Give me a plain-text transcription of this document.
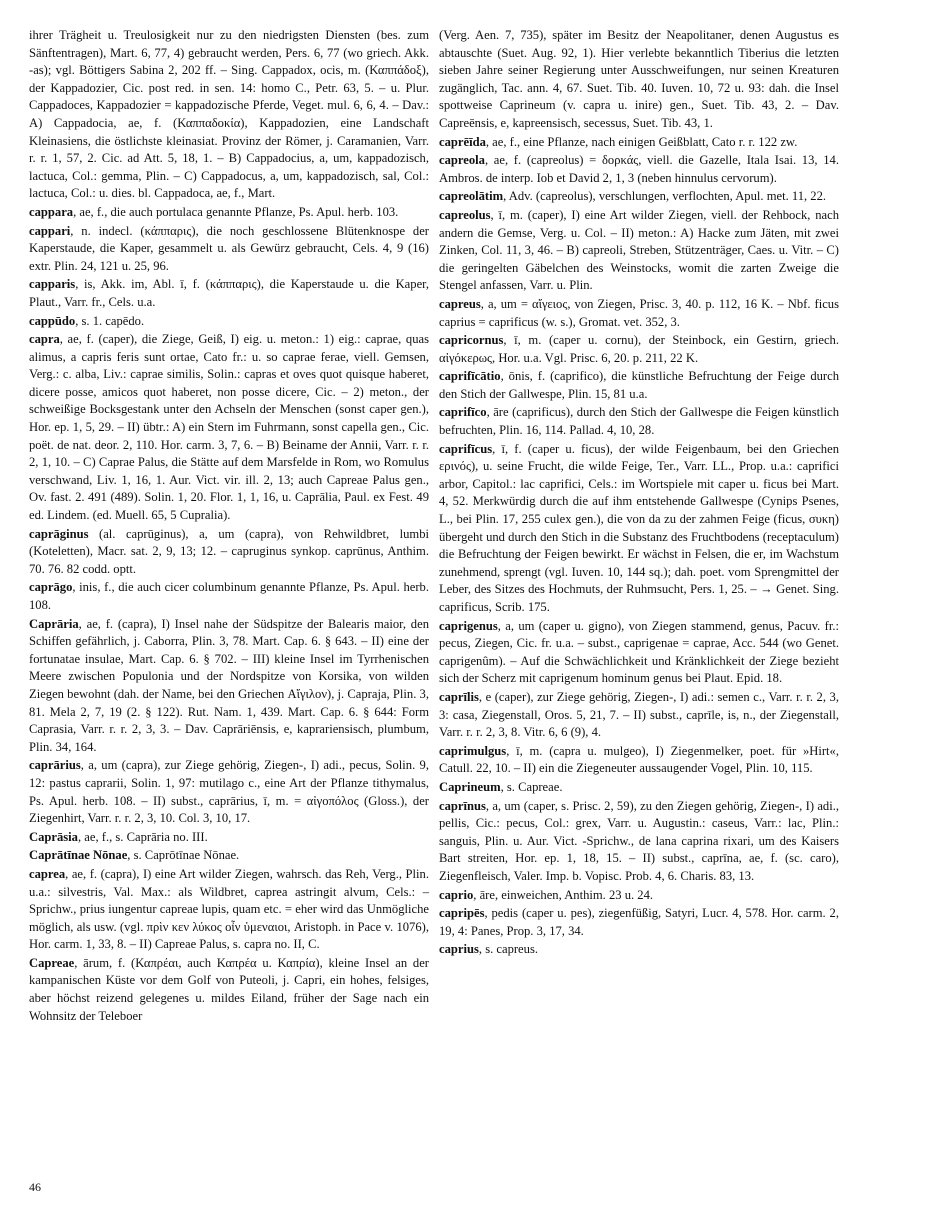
ihrer Trägheit u. Treulosigkeit nur zu den niedrigsten Diensten (bes. zum Sänftentragen), Mart. 6, 77, 4) gebraucht werden, Pers. 6, 77 (wo griech. Akk. -as); vgl. Böttigers Sabina 2, 202 ff. – Sing. Cappadox, ocis, m. (Καππάδοξ), der Kappadozier, Cic. post red. in sen. 14: homo C., Petr. 63, 5. – u. Plur. Cappadoces, Kappadozier = kappadozische Pferde, Veget. mul. 6, 6, 4. – Dav.: A) Cappadocia, ae, f. (Καππαδοκία), Kappadozien, eine Landschaft Kleinasiens, die östlichste kleinasiat. Provinz der Römer, j. Caramanien, Varr. r. r. 1, 57, 2. Cic. ad Att. 5, 18, 1. – B) Cappadocius, a, um, kappadozisch, lactuca, Col.: gemma, Plin. – C) Cappadocus, a, um, kappadozisch, sal, Col.: lactuca, Col.: u. dies. bl. Cappadoca, ae, f., Mart.
cappara, ae, f., die auch portulaca genannte Pflanze, Ps. Apul. herb. 103.
cappari, n. indecl. (κάππαρις), die noch geschlossene Blütenknospe der Kaperstaude, die Kaper, gesammelt u. als Gewürz gebraucht, Cels. 4, 9 (16) extr. Plin. 24, 121 u. 25, 96.
capparis, is, Akk. im, Abl. ī, f. (κάππαρις), die Kaperstaude u. die Kaper, Plaut., Varr. fr., Cels. u.a.
cappūdo, s. 1. capēdo.
capra, ae, f. (caper), die Ziege, Geiß, I) eig. u. meton.: 1) eig.: caprae, quas alimus, a capris feris sunt ortae, Cato fr.: u. so caprae ferae, viell. Gemsen, Verg.: c. alba, Liv.: caprae similis, Solin.: capras et oves quot quisque haberet, dicere posse, amicos quot haberet, non posse dicere, Cic. – 2) meton., der schweißige Bocksgestank unter den Achseln der Menschen (sonst caper gen.), Hor. ep. 1, 5, 29. – II) übtr.: A) ein Stern im Fuhrmann, sonst capella gen., Cic. poët. de nat. deor. 2, 110. Hor. carm. 3, 7, 6. – B) Beiname der Annii, Varr. r. r. 2, 1, 10. – C) Caprae Palus, die Stätte auf dem Marsfelde in Rom, wo Romulus verschwand, Liv. 1, 16, 1. Aur. Vict. vir. ill. 2, 13; auch Capreae Palus gen., Ov. fast. 2. 491 (489). Solin. 1, 20. Flor. 1, 1, 16, u. Caprālia, Paul. ex Fest. 49 ed. Lindem. (ed. Muell. 65, 5 Cupralia).
caprāginus (al. caprūginus), a, um (capra), von Rehwildbret, lumbi (Koteletten), Macr. sat. 2, 9, 13; 12. – capruginus synkop. caprūnus, Anthim. 70. 76. 82 codd. optt.
caprāgo, inis, f., die auch cicer columbinum genannte Pflanze, Ps. Apul. herb. 108.
Caprāria, ae, f. (capra), I) Insel nahe der Südspitze der Balearis maior, den Schiffen gefährlich, j. Caborra, Plin. 3, 78. Mart. Cap. 6. § 643. – II) eine der fortunatae insulae, Mart. Cap. 6. § 702. – III) kleine Insel im Tyrrhenischen Meere zwischen Populonia und der Nordspitze von Korsika, von wilden Ziegen bewohnt (dah. der Name, bei den Griechen Αἴγιλον), j. Capraja, Plin. 3, 81. Mela 2, 7, 19 (2. § 122). Rut. Nam. 1, 439. Mart. Cap. 6. § 644: Form Caprasia, Varr. r. r. 2, 3, 3. – Dav. Caprāriēnsis, e, kaprariensisch, plumbum, Plin. 34, 164.
caprārius, a, um (capra), zur Ziege gehörig, Ziegen-, I) adi., pecus, Solin. 9, 12: pastus caprarii, Solin. 1, 97: mutilago c., eine Art der Pflanze tithymalus, Ps. Apul. herb. 108. – II) subst., caprārius, ī, m. = αἰγοπόλος (Gloss.), der Ziegenhirt, Varr. r. r. 2, 3, 10. Col. 3, 10, 17.
Caprāsia, ae, f., s. Caprāria no. III.
Caprātīnae Nōnae, s. Caprōtīnae Nōnae.
caprea, ae, f. (capra), I) eine Art wilder Ziegen, wahrsch. das Reh, Verg., Plin. u.a.: silvestris, Val. Max.: als Wildbret, caprea astringit alvum, Cels.: – Sprichw., prius iungentur capreae lupis, quam etc. = eher wird das Unmögliche möglich, als usw. (vgl. πρὶν κεν λύκος οἶν ὑμεναιοι, Aristoph. in Pace v. 1076), Hor. carm. 1, 33, 8. – II) Capreae Palus, s. capra no. II, C.
Capreae, ārum, f. (Καπρέαι, auch Καπρέα u. Καπρία), kleine Insel an der kampanischen Küste vor dem Golf von Puteoli, j. Capri, ein hohes, felsiges, aber höchst reizend gelegenes u. mildes Eiland, früher der Sage nach ein Wohnsitz der Teleboer
(Verg. Aen. 7, 735), später im Besitz der Neapolitaner, denen Augustus es abtauschte (Suet. Aug. 92, 1). Hier verlebte bekanntlich Tiberius die letzten sieben Jahre seiner Regierung unter Ausschweifungen, nur seinen Kreaturen zugänglich, Tac. ann. 4, 67. Suet. Tib. 40. Iuven. 10, 72 u. 93: dah. die Insel spottweise Caprineum (v. capra u. inire) gen., Suet. Tib. 43, 2. – Dav. Capreēnsis, e, kapreensisch, secessus, Suet. Tib. 43, 1.
caprēīda, ae, f., eine Pflanze, nach einigen Geißblatt, Cato r. r. 122 zw.
capreola, ae, f. (capreolus) = δορκάς, viell. die Gazelle, Itala Isai. 13, 14. Ambros. de interp. Iob et David 2, 1, 3 (neben hinnulus cervorum).
capreolātim, Adv. (capreolus), verschlungen, verflochten, Apul. met. 11, 22.
capreolus, ī, m. (caper), I) eine Art wilder Ziegen, viell. der Rehbock, nach andern die Gemse, Verg. u. Col. – II) meton.: A) Hacke zum Jäten, mit zwei Zinken, Col. 11, 3, 46. – B) capreoli, Streben, Stützenträger, Caes. u. Vitr. – C) die geringelten Gäbelchen des Weinstocks, womit die zarten Zweige die Stengel anfassen, Varr. u. Plin.
capreus, a, um = αἴγειος, von Ziegen, Prisc. 3, 40. p. 112, 16 K. – Nbf. ficus caprius = caprificus (w. s.), Gromat. vet. 352, 3.
capricornus, ī, m. (caper u. cornu), der Steinbock, ein Gestirn, griech. αἰγόκερως, Hor. u.a. Vgl. Prisc. 6, 20. p. 211, 22 K.
caprifīcātio, ōnis, f. (caprifico), die künstliche Befruchtung der Feige durch den Stich der Gallwespe, Plin. 15, 81 u.a.
caprifīco, āre (caprificus), durch den Stich der Gallwespe die Feigen künstlich befruchten, Plin. 16, 114. Pallad. 4, 10, 28.
caprifīcus, ī, f. (caper u. ficus), der wilde Feigenbaum, bei den Griechen ερινός), u. seine Frucht, die wilde Feige, Ter., Varr. LL., Prop. u.a.: caprifici arbor, Capitol.: lac caprifici, Cels.: im Wortspiele mit caper u. ficus bei Mart. 4, 52. Merkwürdig durch die auf ihm entstehende Gallwespe (Cynips Psenes, L., bei Plin. 17, 255 culex gen.), die von da zu der zahmen Feige (ficus, συκη) übergeht und durch den Stich in die Substanz des Fruchtbodens (receptaculum) die Befruchtung der Feigen bewirkt. Er wächst in Felsen, die er, im Wachstum zunehmend, sprengt (vgl. Iuven. 10, 144 sq.); dah. poet. vom Sprengmittel der Leber, des Sitzes des Hochmuts, der Ruhmsucht, Pers. 1, 25. – → Genet. Sing. caprificus, Scrib. 175.
caprigenus, a, um (caper u. gigno), von Ziegen stammend, genus, Pacuv. fr.: pecus, Ziegen, Cic. fr. u.a. – subst., caprigenae = caprae, Acc. 544 (wo Genet. caprigenûm). – Auf die Schwächlichkeit und Kränklichkeit der Ziege bezieht sich der Scherz mit caprigenum hominum genus bei Plaut. Epid. 18.
caprīlis, e (caper), zur Ziege gehörig, Ziegen-, I) adi.: semen c., Varr. r. r. 2, 3, 3: casa, Ziegenstall, Oros. 5, 21, 7. – II) subst., caprīle, is, n., der Ziegenstall, Varr. r. r. 2, 3, 8. Vitr. 6, 6 (9), 4.
caprimulgus, ī, m. (capra u. mulgeo), I) Ziegenmelker, poet. für »Hirt«, Catull. 22, 10. – II) ein die Ziegeneuter aussaugender Vogel, Plin. 10, 115.
Caprineum, s. Capreae.
caprīnus, a, um (caper, s. Prisc. 2, 59), zu den Ziegen gehörig, Ziegen-, I) adi., pellis, Cic.: pecus, Col.: grex, Varr. u. Augustin.: caseus, Varr.: lac, Plin.: sanguis, Plin. u. Aur. Vict. -Sprichw., de lana caprina rixari, um des Kaisers Bart streiten, Hor. ep. 1, 18, 15. – II) subst., caprīna, ae, f. (sc. caro), Ziegenfleisch, Valer. Imp. b. Vopisc. Prob. 4, 6. Charis. 83, 13.
caprio, āre, einweichen, Anthim. 23 u. 24.
capripēs, pedis (caper u. pes), ziegenfüßig, Satyri, Lucr. 4, 578. Hor. carm. 2, 19, 4: Panes, Prop. 3, 17, 34.
caprius, s. capreus.
46
